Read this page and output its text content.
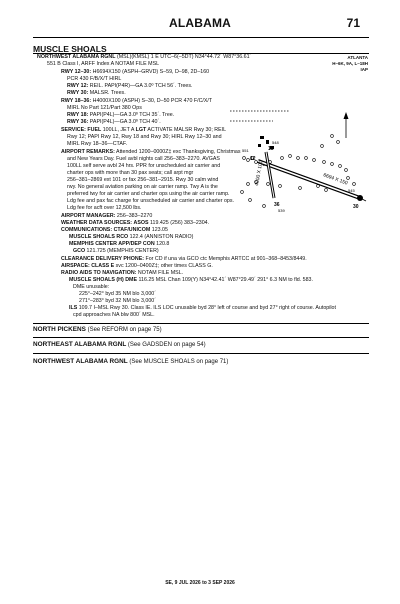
ALABAMA	71
MUSCLE SHOALS
ATLANTA
H–6K, 9A, L–18H
IAP
NORTHWEST ALABAMA RGNL (MSL)(KMSL) 1 E UTC–6(–5DT) N34°44.72´ W87°36.61´
551 B Class I, ARFF Index A NOTAM FILE MSL
RWY 12–30: H6694X150 (ASPH–GRVD) S–59, D–98, 2D–160
PCR 430 F/B/X/T HIRL
RWY 12: REIL. PAPI(P4R)—GA 3.0º TCH 56´. Trees.
RWY 30: MALSR. Trees.
RWY 18–36: H4000X100 (ASPH) S–30, D–50 PCR 470 F/C/X/T
MIRL No Part 121/Part 380 Ops
RWY 18: PAPI(P4L)—GA 3.0º TCH 35´. Tree.
RWY 36: PAPI(P4L)—GA 3.0º TCH 40´.
SERVICE: FUEL 100LL, JET A LGT ACTIVATE MALSR Rwy 30; REIL
Rwy 12; PAPI Rwy 12, Rwy 18 and Rwy 30; HIRL Rwy 12–30 and
MIRL Rwy 18–36—CTAF.
AIRPORT REMARKS: Attended 1200–0000Z‡ exc Thanksgiving, Christmas
and New Years Day. Fuel avbl nights call 256–383–2270. AVGAS
100LL self serve avbl 24 hrs. PPR for unscheduled air carrier and
charter ops with more than 30 pax seats; call arpt mgr
256–381–2869 ext 101 or fax 256–381–2915. Rwy 30 calm wind
rwy. No general aviation parking on air carrier ramp. Twy A is the
preferred twy for air carrier and charter ops using the air carrier ramp.
Ldg fee and pax fac charge for unscheduled air carrier and charter ops.
Ldg fee for acft over 12,500 lbs.
AIRPORT MANAGER: 256–383–2270
WEATHER DATA SOURCES: ASOS 119.425 (256) 383–2304.
COMMUNICATIONS: CTAF/UNICOM 123.05
MUSCLE SHOALS RCO 122.4 (ANNISTON RADIO)
MEMPHIS CENTER APP/DEP CON 120.8
GCO 121.725 (MEMPHIS CENTER)
CLEARANCE DELIVERY PHONE: For CD if una via GCO ctc Memphis ARTCC at 901–368–8453/8449.
AIRSPACE: CLASS E svc 1200–0400Z‡; other times CLASS G.
RADIO AIDS TO NAVIGATION: NOTAM FILE MSL.
MUSCLE SHOALS (H) DME 116.25 MSL Chan 109(Y) N34°42.41´ W87°29.49´ 291° 6.3 NM to fld. 583.
DME unusable:
225°–242° byd 35 NM blo 3,000´
271°–283° byd 32 NM blo 3,000´
ILS 109.7 I–MSL Rwy 30. Class IE. ILS LOC unusable byd 28° left of course and byd 27° right of course. Autopilot
cpd approaches NA blw 800´ MSL.
6694 X 150
4000 X 100
12
30
18
36
551
545
548
539
NORTH PICKENS (See REFORM on page 75)
NORTHEAST ALABAMA RGNL (See GADSDEN on page 54)
NORTHWEST ALABAMA RGNL (See MUSCLE SHOALS on page 71)
SE, 9 JUL 2026 to 3 SEP 2026
